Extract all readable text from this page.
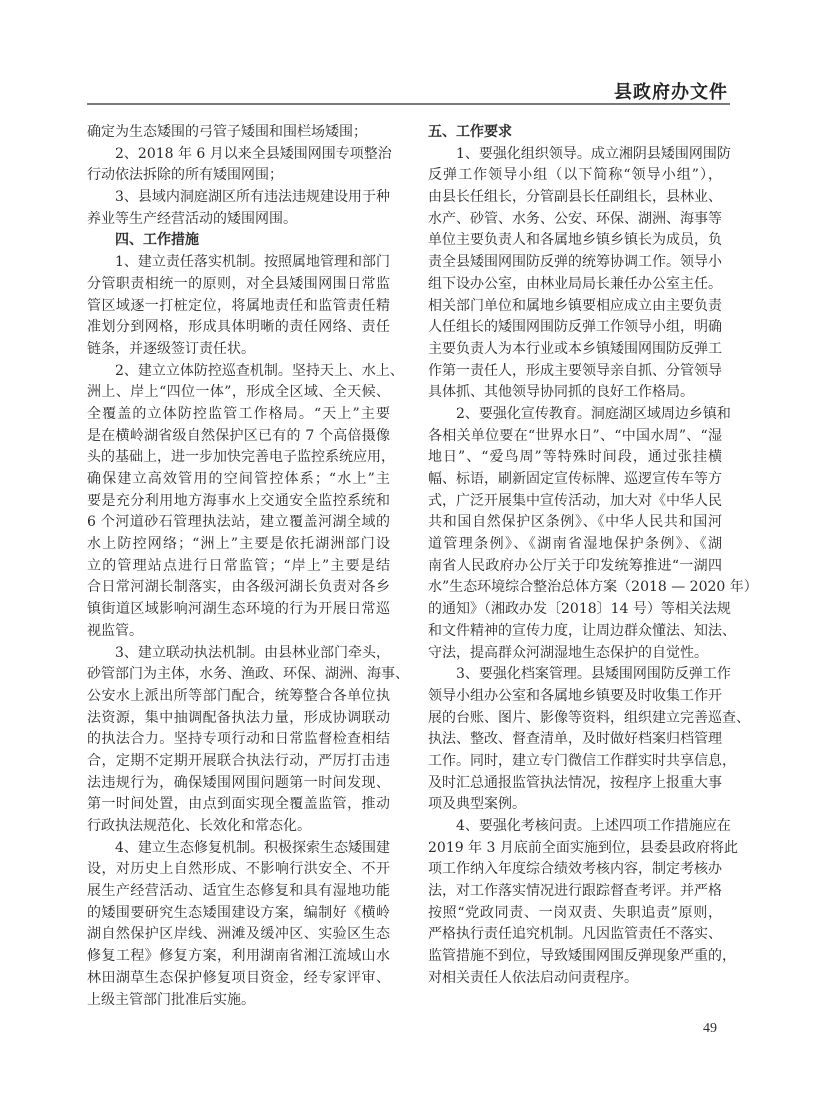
县政府办文件
确定为生态矮围的弓管子矮围和围栏场矮围；
2、2018 年 6 月以来全县矮围网围专项整治
行动依法拆除的所有矮围网围；
3、县域内洞庭湖区所有违法违规建设用于种
养业等生产经营活动的矮围网围。
四、工作措施
1、建立责任落实机制。按照属地管理和部门
分管职责相统一的原则，对全县矮围网围日常监
管区域逐一打桩定位，将属地责任和监管责任精
准划分到网格，形成具体明晰的责任网络、责任
链条，并逐级签订责任状。
2、建立立体防控巡查机制。坚持天上、水上、
洲上、岸上“四位一体”，形成全区域、全天候、
全覆盖的立体防控监管工作格局。“天上”主要
是在横岭湖省级自然保护区已有的 7 个高倍摄像
头的基础上，进一步加快完善电子监控系统应用，
确保建立高效管用的空间管控体系；“水上”主
要是充分利用地方海事水上交通安全监控系统和
6 个河道砂石管理执法站，建立覆盖河湖全域的
水上防控网络；“洲上”主要是依托湖洲部门设
立的管理站点进行日常监管；“岸上”主要是结
合日常河湖长制落实，由各级河湖长负责对各乡
镇街道区域影响河湖生态环境的行为开展日常巡
视监管。
3、建立联动执法机制。由县林业部门牵头，
砂管部门为主体，水务、渔政、环保、湖洲、海事、
公安水上派出所等部门配合，统筹整合各单位执
法资源，集中抽调配备执法力量，形成协调联动
的执法合力。坚持专项行动和日常监督检查相结
合，定期不定期开展联合执法行动，严厉打击违
法违规行为，确保矮围网围问题第一时间发现、
第一时间处置，由点到面实现全覆盖监管，推动
行政执法规范化、长效化和常态化。
4、建立生态修复机制。积极探索生态矮围建
设，对历史上自然形成、不影响行洪安全、不开
展生产经营活动、适宜生态修复和具有湿地功能
的矮围要研究生态矮围建设方案，编制好《横岭
湖自然保护区岸线、洲滩及缓冲区、实验区生态
修复工程》修复方案，利用湖南省湘江流域山水
林田湖草生态保护修复项目资金，经专家评审、
上级主管部门批准后实施。
五、工作要求
1、要强化组织领导。成立湘阴县矮围网围防
反弹工作领导小组（以下简称“领导小组”），
由县长任组长，分管副县长任副组长，县林业、
水产、砂管、水务、公安、环保、湖洲、海事等
单位主要负责人和各属地乡镇乡镇长为成员，负
责全县矮围网围防反弹的统筹协调工作。领导小
组下设办公室，由林业局局长兼任办公室主任。
相关部门单位和属地乡镇要相应成立由主要负责
人任组长的矮围网围防反弹工作领导小组，明确
主要负责人为本行业或本乡镇矮围网围防反弹工
作第一责任人，形成主要领导亲自抓、分管领导
具体抓、其他领导协同抓的良好工作格局。
2、要强化宣传教育。洞庭湖区域周边乡镇和
各相关单位要在“世界水日”、“中国水周”、“湿
地日”、“爱鸟周”等特殊时间段，通过张挂横
幅、标语，刷新固定宣传标牌、巡逻宣传车等方
式，广泛开展集中宣传活动，加大对《中华人民
共和国自然保护区条例》、《中华人民共和国河
道管理条例》、《湖南省湿地保护条例》、《湖
南省人民政府办公厅关于印发统筹推进“一湖四
水”生态环境综合整治总体方案（2018 — 2020 年）
的通知》（湘政办发〔2018〕14 号）等相关法规
和文件精神的宣传力度，让周边群众懂法、知法、
守法，提高群众河湖湿地生态保护的自觉性。
3、要强化档案管理。县矮围网围防反弹工作
领导小组办公室和各属地乡镇要及时收集工作开
展的台账、图片、影像等资料，组织建立完善巡查、
执法、整改、督查清单，及时做好档案归档管理
工作。同时，建立专门微信工作群实时共享信息，
及时汇总通报监管执法情况，按程序上报重大事
项及典型案例。
4、要强化考核问责。上述四项工作措施应在
2019 年 3 月底前全面实施到位，县委县政府将此
项工作纳入年度综合绩效考核内容，制定考核办
法，对工作落实情况进行跟踪督查考评。并严格
按照“党政同责、一岗双责、失职追责”原则，
严格执行责任追究机制。凡因监管责任不落实、
监管措施不到位，导致矮围网围反弹现象严重的，
对相关责任人依法启动问责程序。
49
